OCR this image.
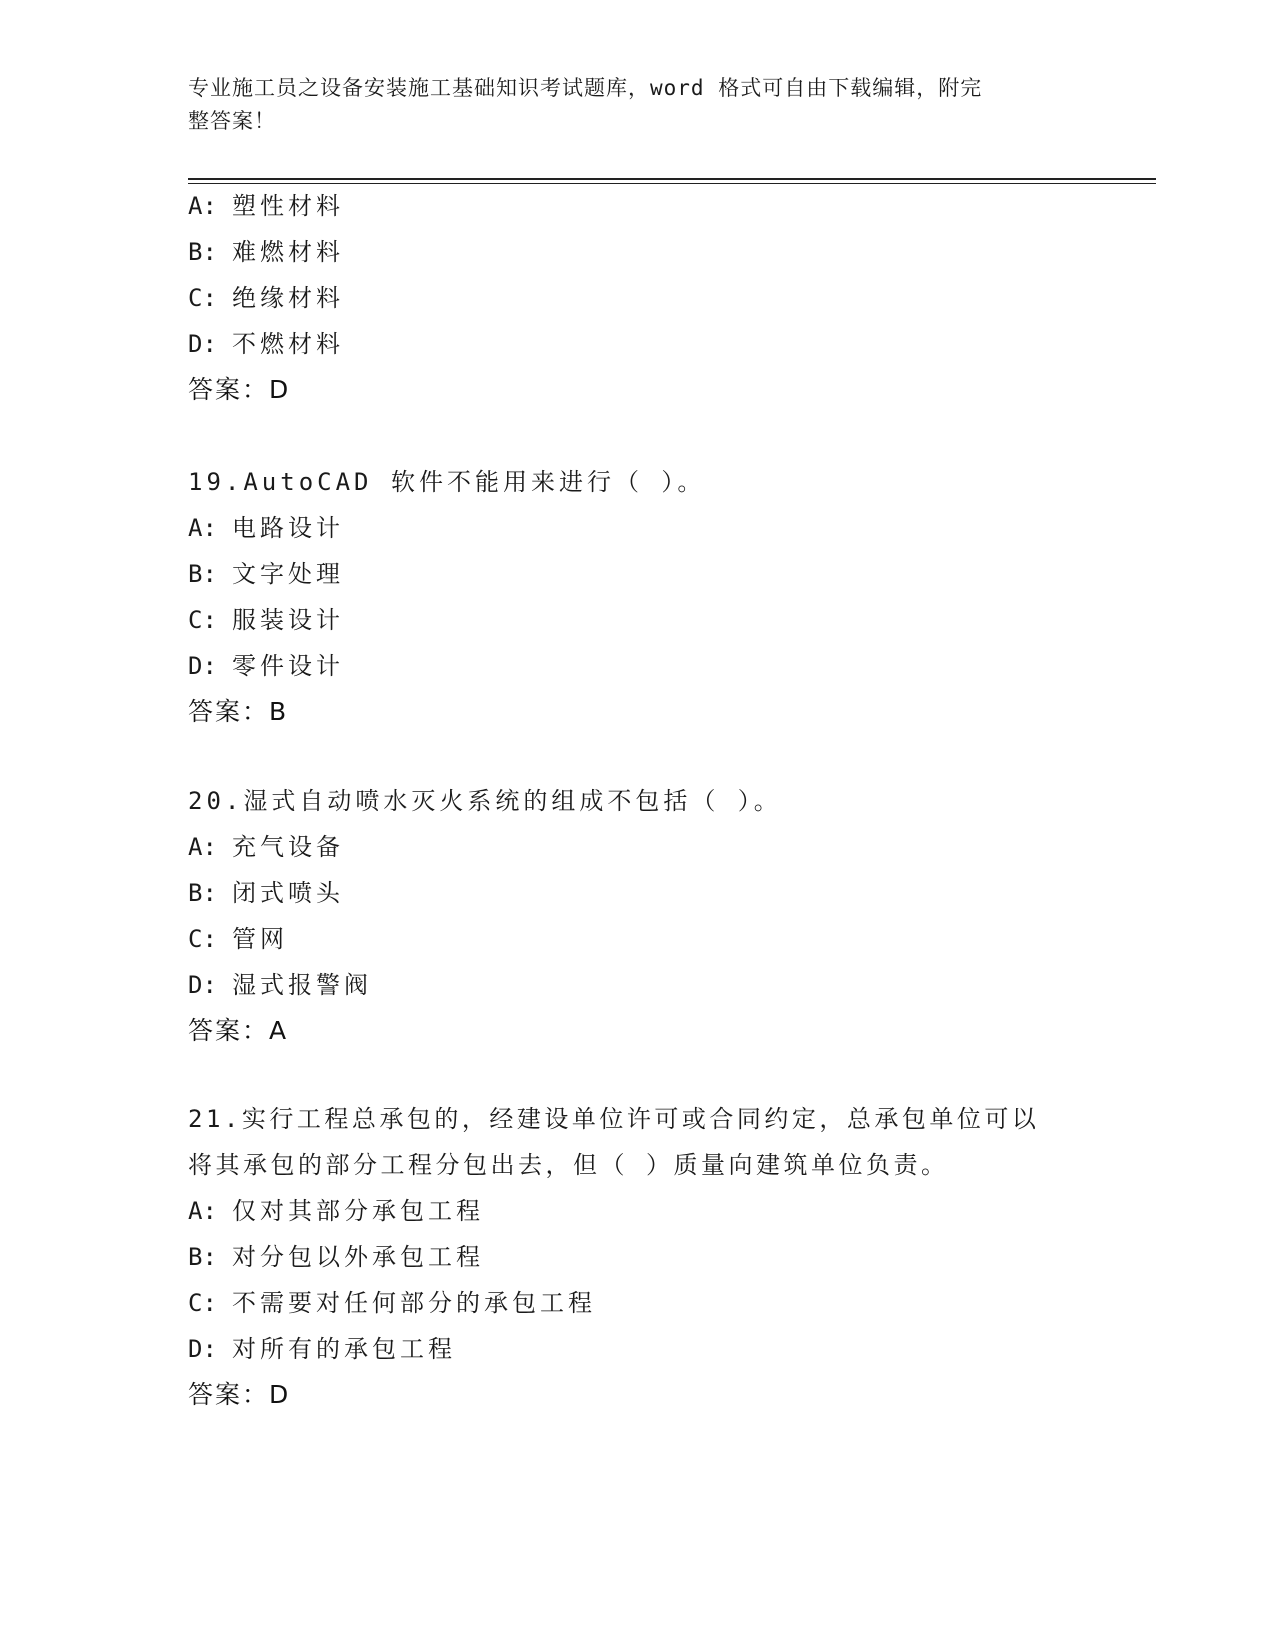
专业施工员之设备安装施工基础知识考试题库，word 格式可自由下载编辑，附完
整答案！
A: 塑性材料
B: 难燃材料
C: 绝缘材料
D: 不燃材料
答案：D
19.AutoCAD 软件不能用来进行（ ）。
A: 电路设计
B: 文字处理
C: 服装设计
D: 零件设计
答案：B
20.湿式自动喷水灭火系统的组成不包括（ ）。
A: 充气设备
B: 闭式喷头
C: 管网
D: 湿式报警阀
答案：A
21.实行工程总承包的，经建设单位许可或合同约定，总承包单位可以
将其承包的部分工程分包出去，但（ ）质量向建筑单位负责。
A: 仅对其部分承包工程
B: 对分包以外承包工程
C: 不需要对任何部分的承包工程
D: 对所有的承包工程
答案：D
